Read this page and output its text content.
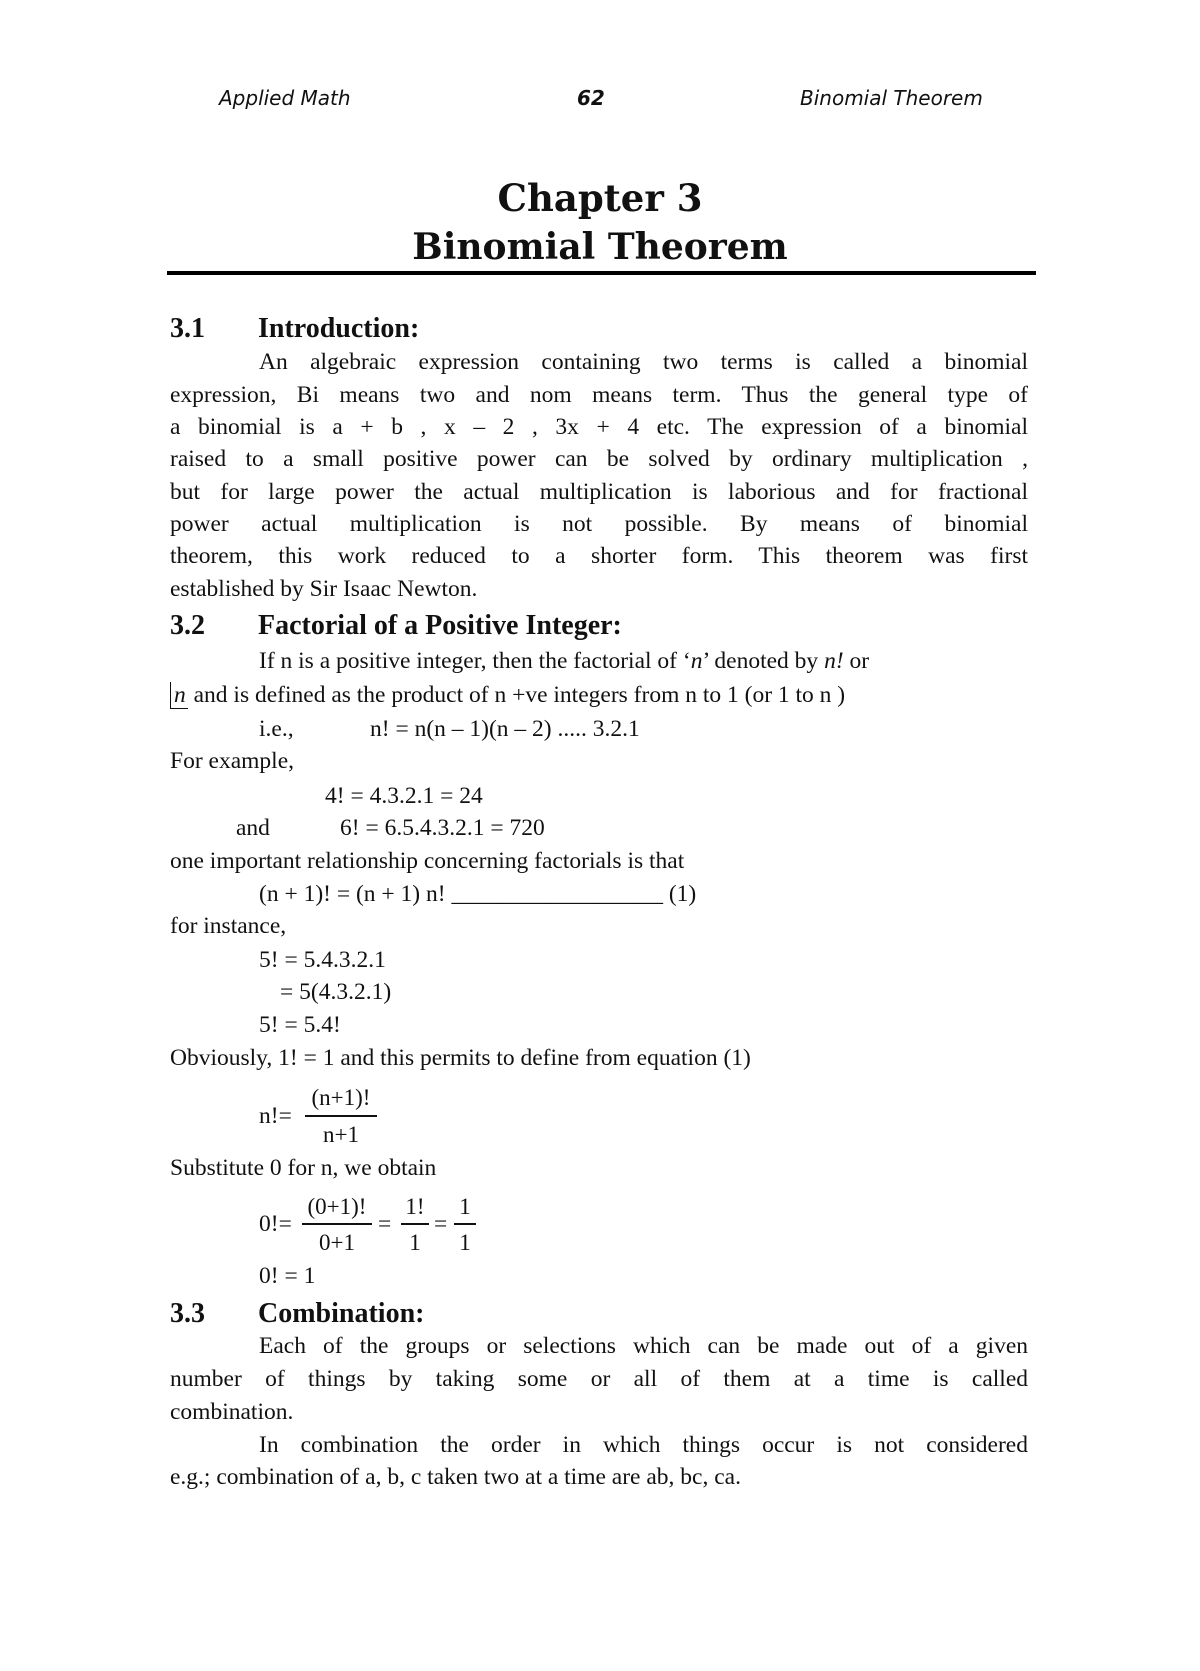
Applied Math	62	Binomial Theorem
Chapter 3
Binomial Theorem
3.1 Introduction:
An algebraic expression containing two terms is called a binomial
expression, Bi means two and nom means term. Thus the general type of
a binomial is a + b , x – 2 , 3x + 4 etc. The expression of a binomial
raised to a small positive power can be solved by ordinary multiplication ,
but for large power the actual multiplication is laborious and for fractional
power actual multiplication is not possible. By means of binomial
theorem, this work reduced to a shorter form. This theorem was first
established by Sir Isaac Newton.
3.2 Factorial of a Positive Integer:
If n is a positive integer, then the factorial of ‘n’ denoted by n! or
n and is defined as the product of n +ve integers from n to 1 (or 1 to n )
i.e.,	n! = n(n – 1)(n – 2) ..... 3.2.1
For example,
4! = 4.3.2.1 = 24
and	6! = 6.5.4.3.2.1 = 720
one important relationship concerning factorials is that
(n + 1)! = (n + 1) n! __________________ (1)
for instance,
5! = 5.4.3.2.1
= 5(4.3.2.1)
5! = 5.4!
Obviously, 1! = 1 and this permits to define from equation (1)
n!=
(n+1)!
n+1
Substitute 0 for n, we obtain
0!=
(0+1)!
0+1
=
1!
1
=
1
1
0! = 1
3.3 Combination:
Each of the groups or selections which can be made out of a given
number of things by taking some or all of them at a time is called
combination.
In combination the order in which things occur is not considered
e.g.; combination of a, b, c taken two at a time are ab, bc, ca.
